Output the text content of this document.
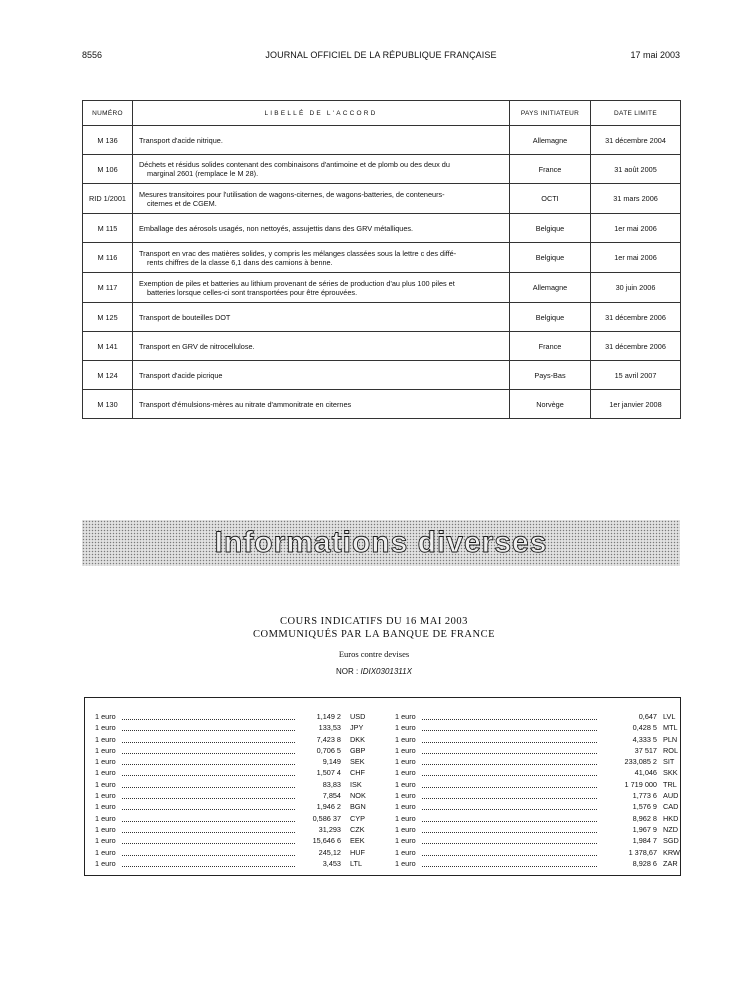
8556	JOURNAL OFFICIEL DE LA RÉPUBLIQUE FRANÇAISE	17 mai 2003
NUMÉRO	LIBELLÉ DE L'ACCORD	PAYS INITIATEUR	DATE LIMITE
M 136	Transport d'acide nitrique.	Allemagne	31 décembre 2004
M 106	Déchets et résidus solides contenant des combinaisons d'antimoine et de plomb ou des deux du
marginal 2601 (remplace le M 28).	France	31 août 2005
RID 1/2001	Mesures transitoires pour l'utilisation de wagons-citernes, de wagons-batteries, de conteneurs-
citernes et de CGEM.	OCTI	31 mars 2006
M 115	Emballage des aérosols usagés, non nettoyés, assujettis dans des GRV métalliques.	Belgique	1er mai 2006
M 116	Transport en vrac des matières solides, y compris les mélanges classées sous la lettre c des diffé-
rents chiffres de la classe 6,1 dans des camions à benne.	Belgique	1er mai 2006
M 117	Exemption de piles et batteries au lithium provenant de séries de production d'au plus 100 piles et
batteries lorsque celles-ci sont transportées pour être éprouvées.	Allemagne	30 juin 2006
M 125	Transport de bouteilles DOT	Belgique	31 décembre 2006
M 141	Transport en GRV de nitrocellulose.	France	31 décembre 2006
M 124	Transport d'acide picrique	Pays-Bas	15 avril 2007
M 130	Transport d'émulsions-mères au nitrate d'ammonitrate en citernes	Norvège	1er janvier 2008
Informations diverses
COURS INDICATIFS DU 16 MAI 2003
COMMUNIQUÉS PAR LA BANQUE DE FRANCE
Euros contre devises
NOR : IDIX0301311X
1 euro	1,149 2 USD
1 euro	133,53 JPY
1 euro	7,423 8 DKK
1 euro	0,706 5 GBP
1 euro	9,149 SEK
1 euro	1,507 4 CHF
1 euro	83,83 ISK
1 euro	7,854 NOK
1 euro	1,946 2 BGN
1 euro	0,586 37 CYP
1 euro	31,293 CZK
1 euro	15,646 6 EEK
1 euro	245,12 HUF
1 euro	3,453 LTL
1 euro	0,647 LVL
1 euro	0,428 5 MTL
1 euro	4,333 5 PLN
1 euro	37 517 ROL
1 euro	233,085 2 SIT
1 euro	41,046 SKK
1 euro	1 719 000 TRL
1 euro	1,773 6 AUD
1 euro	1,576 9 CAD
1 euro	8,962 8 HKD
1 euro	1,967 9 NZD
1 euro	1,984 7 SGD
1 euro	1 378,67 KRW
1 euro	8,928 6 ZAR
